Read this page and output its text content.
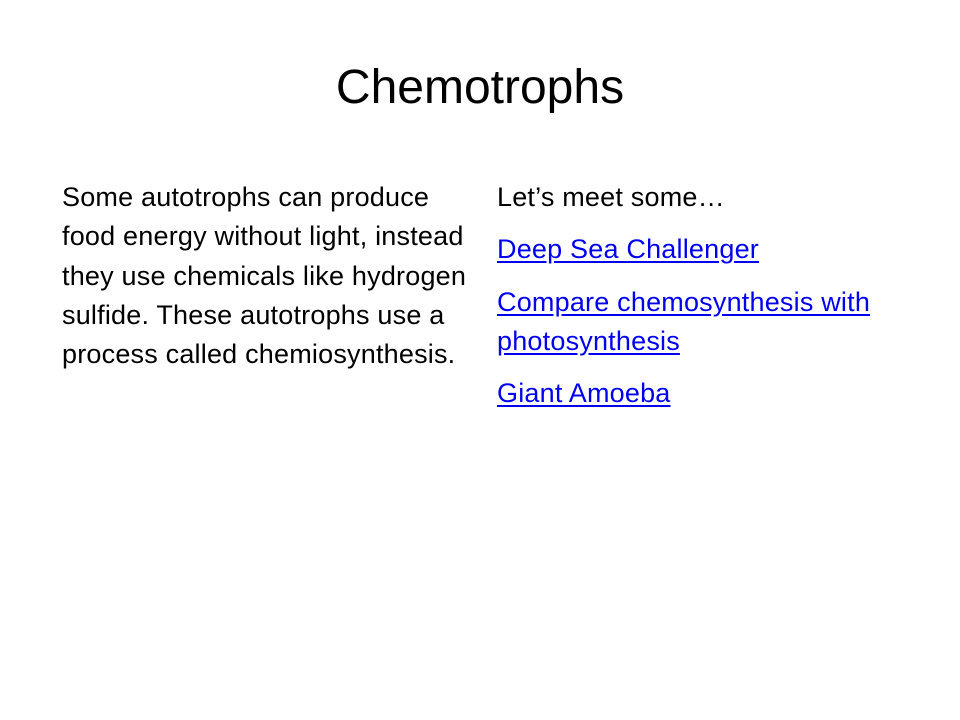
Chemotrophs

Some autotrophs can produce food energy without light, instead they use chemicals like hydrogen sulfide. These autotrophs use a process called chemiosynthesis.

Let’s meet some…

Deep Sea Challenger

Compare chemosynthesis with photosynthesis

Giant Amoeba
